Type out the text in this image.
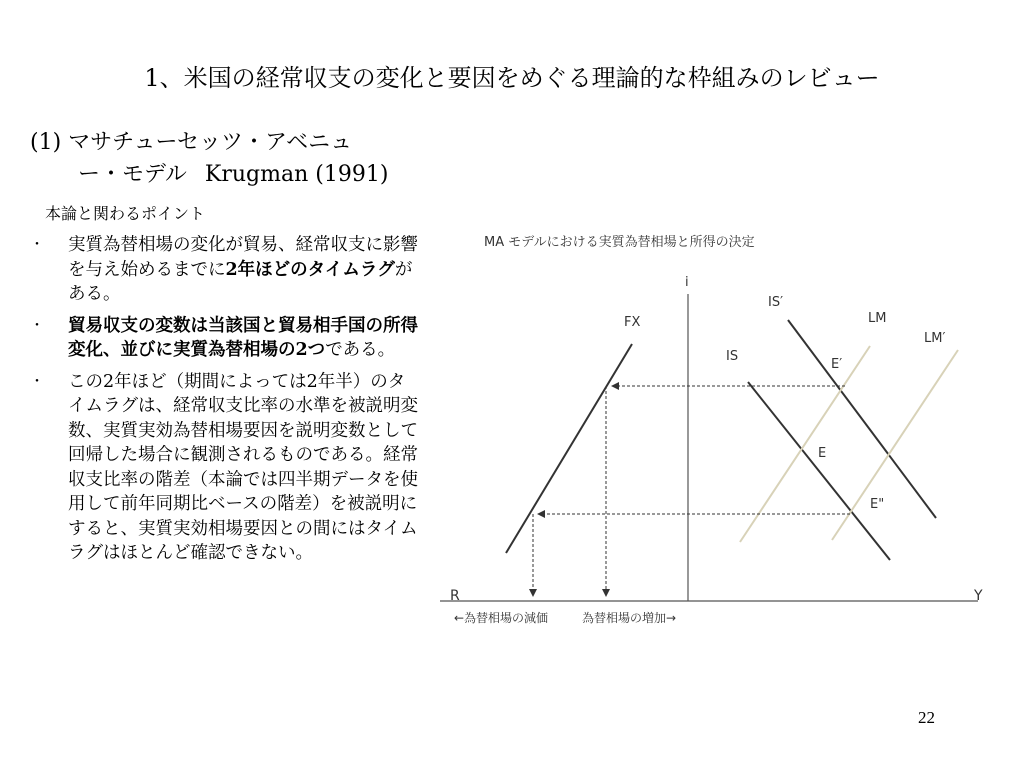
1、米国の経常収支の変化と要因をめぐる理論的な枠組みのレビュー
(1) マサチューセッツ・アベニュ
ー・モデル Krugman (1991)
本論と関わるポイント
・ 実質為替相場の変化が貿易、経常収支に影響を与え始めるまでに2年ほどのタイムラグがある。
・ 貿易収支の変数は当該国と貿易相手国の所得変化、並びに実質為替相場の2つである。
・ この2年ほど（期間によっては2年半）のタイムラグは、経常収支比率の水準を被説明変数、実質実効為替相場要因を説明変数として回帰した場合に観測されるものである。経常収支比率の階差（本論では四半期データを使用して前年同期比ベースの階差）を被説明にすると、実質実効相場要因との間にはタイムラグはほとんど確認できない。
MA モデルにおける実質為替相場と所得の決定
i
Y
R
FX
IS
IS′
LM
LM′
E
E′
E"
←為替相場の減価	為替相場の増加→
22
